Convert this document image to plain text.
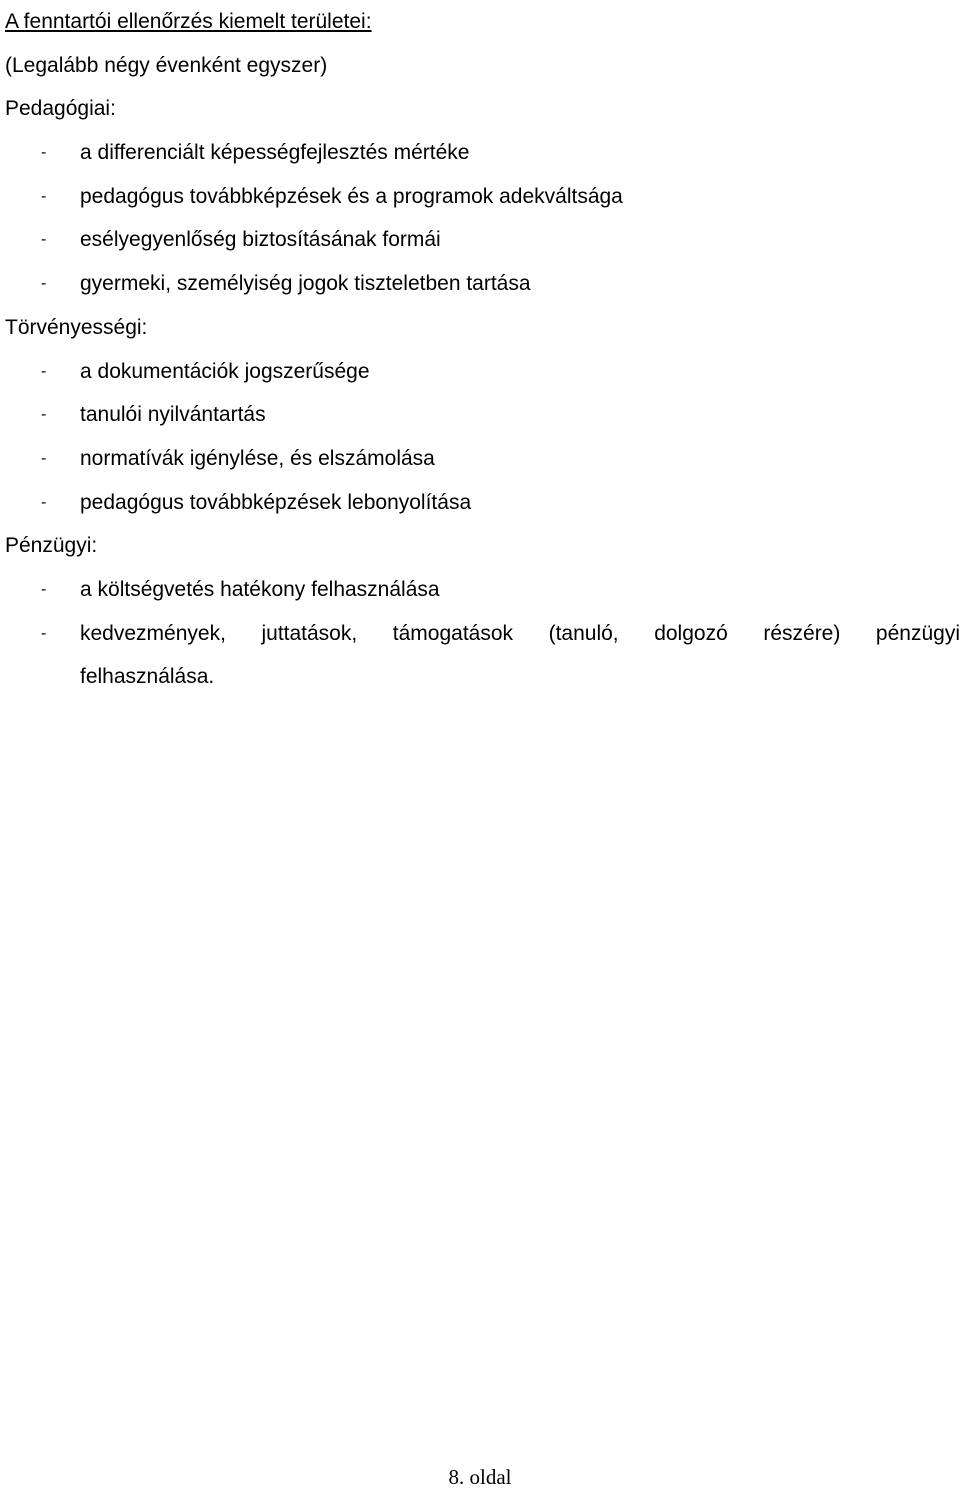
A fenntartói ellenőrzés kiemelt területei:
(Legalább négy évenként egyszer)
Pedagógiai:
- a differenciált képességfejlesztés mértéke
- pedagógus továbbképzések és a programok adekváltsága
- esélyegyenlőség biztosításának formái
- gyermeki, személyiség jogok tiszteletben tartása
Törvényességi:
- a dokumentációk jogszerűsége
- tanulói nyilvántartás
- normatívák igénylése, és elszámolása
- pedagógus továbbképzések lebonyolítása
Pénzügyi:
- a költségvetés hatékony felhasználása
- kedvezmények, juttatások, támogatások (tanuló, dolgozó részére) pénzügyi
felhasználása.
8. oldal
